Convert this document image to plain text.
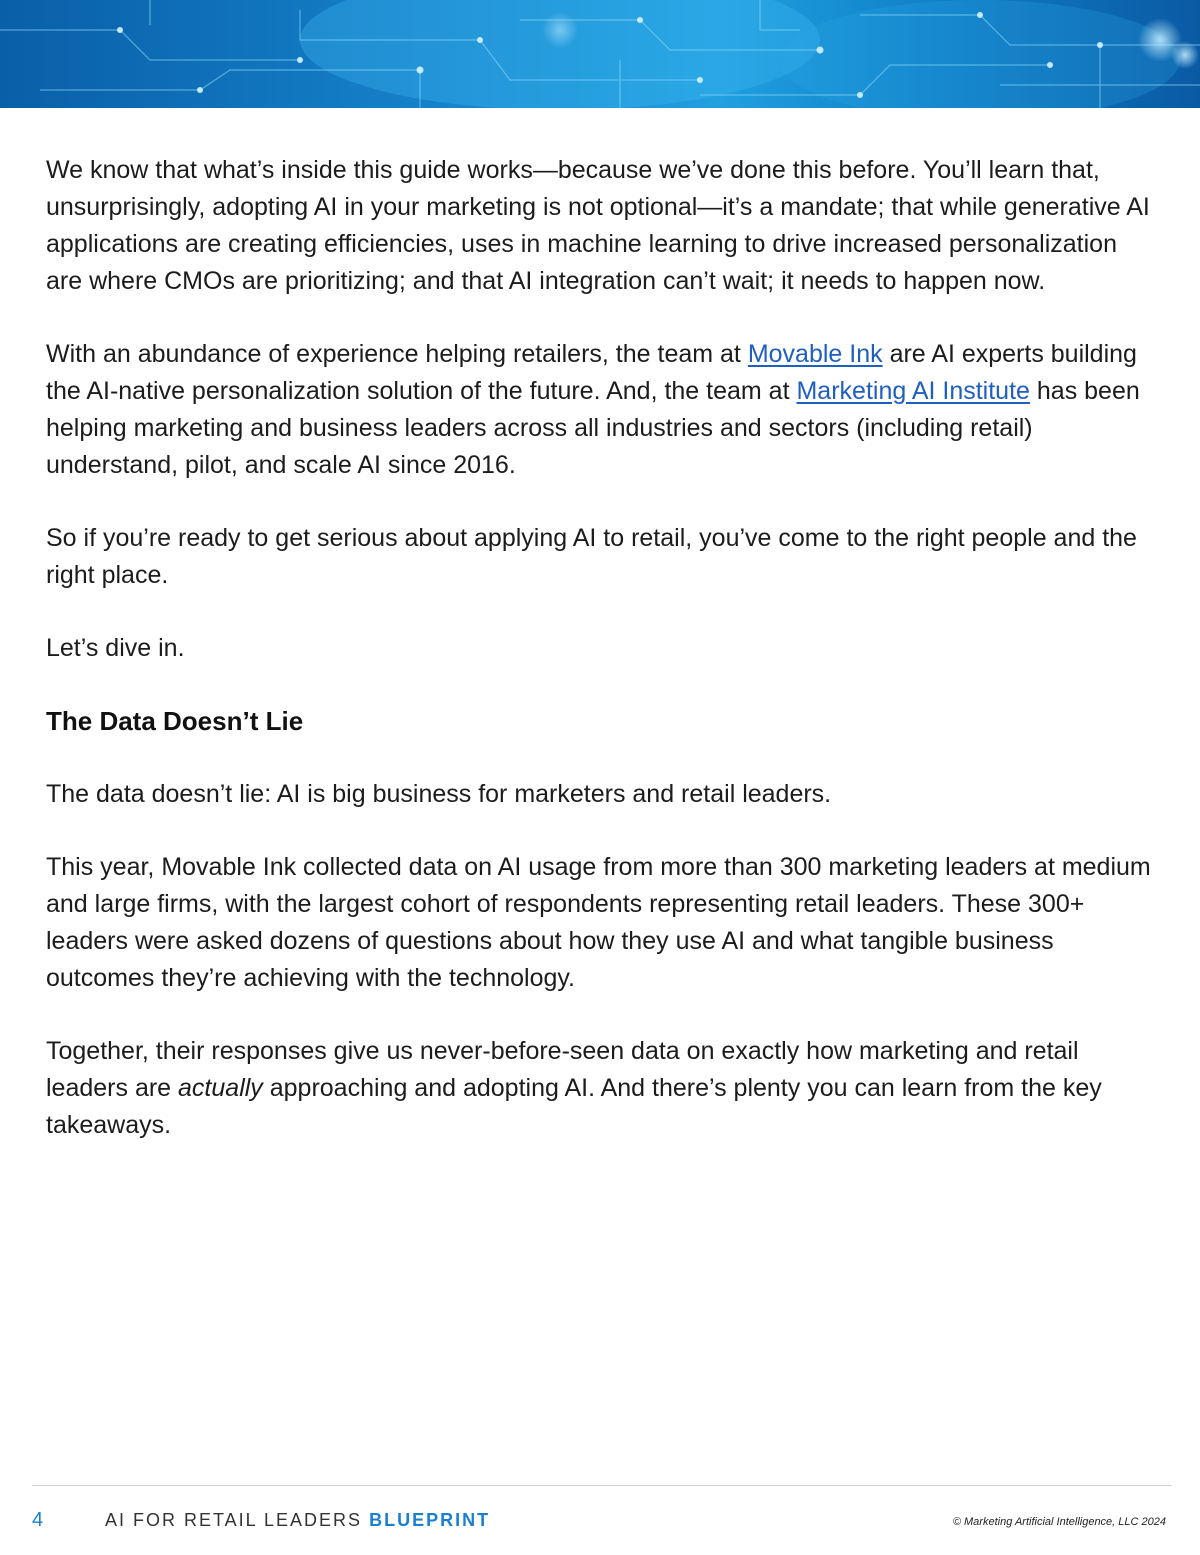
We know that what’s inside this guide works—because we’ve done this before. You’ll learn that, unsurprisingly, adopting AI in your marketing is not optional—it’s a mandate; that while generative AI applications are creating efficiencies, uses in machine learning to drive increased personalization are where CMOs are prioritizing; and that AI integration can’t wait; it needs to happen now.

With an abundance of experience helping retailers, the team at Movable Ink are AI experts building the AI-native personalization solution of the future. And, the team at Marketing AI Institute has been helping marketing and business leaders across all industries and sectors (including retail) understand, pilot, and scale AI since 2016.

So if you’re ready to get serious about applying AI to retail, you’ve come to the right people and the right place.

Let’s dive in.

The Data Doesn’t Lie

The data doesn’t lie: AI is big business for marketers and retail leaders.

This year, Movable Ink collected data on AI usage from more than 300 marketing leaders at medium and large firms, with the largest cohort of respondents representing retail leaders. These 300+ leaders were asked dozens of questions about how they use AI and what tangible business outcomes they’re achieving with the technology.

Together, their responses give us never-before-seen data on exactly how marketing and retail leaders are actually approaching and adopting AI. And there’s plenty you can learn from the key takeaways.

4	AI FOR RETAIL LEADERS BLUEPRINT	© Marketing Artificial Intelligence, LLC 2024
